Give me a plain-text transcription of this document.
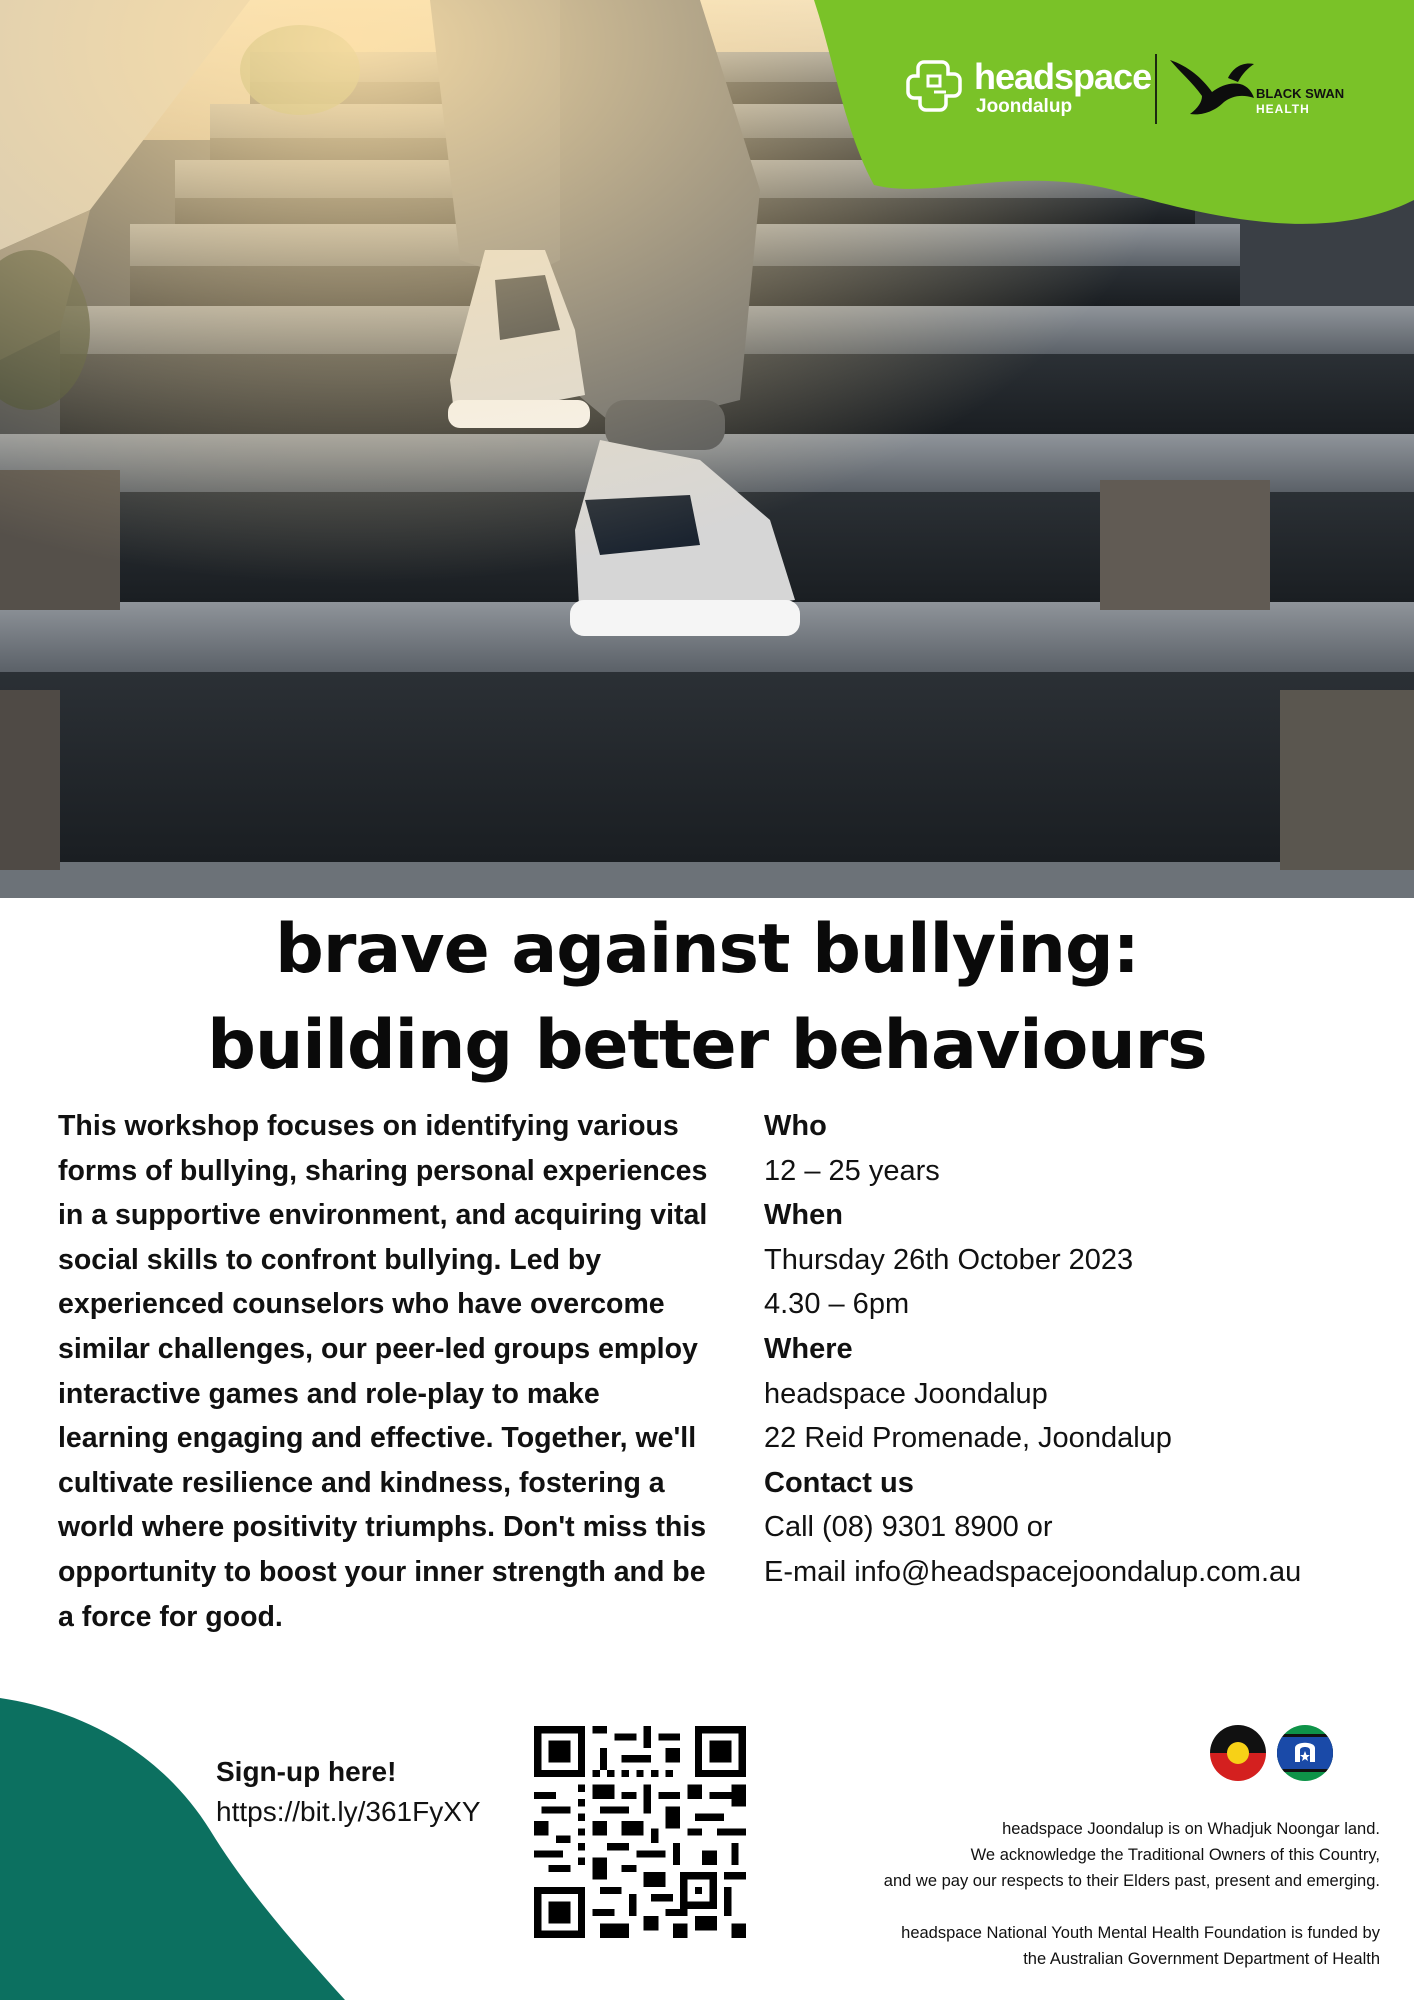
headspace
Joondalup
BLACK SWAN
HEALTH
brave against bullying:
building better behaviours

This workshop focuses on identifying various forms of bullying, sharing personal experiences in a supportive environment, and acquiring vital social skills to confront bullying. Led by experienced counselors who have overcome similar challenges, our peer-led groups employ interactive games and role-play to make learning engaging and effective. Together, we'll cultivate resilience and kindness, fostering a world where positivity triumphs. Don't miss this opportunity to boost your inner strength and be a force for good.

Who
12 – 25 years
When
Thursday 26th October 2023
4.30 – 6pm
Where
headspace Joondalup
22 Reid Promenade, Joondalup
Contact us
Call (08) 9301 8900 or
E-mail info@headspacejoondalup.com.au
Sign-up here!
https://bit.ly/361FyXY
headspace Joondalup is on Whadjuk Noongar land.
We acknowledge the Traditional Owners of this Country,
and we pay our respects to their Elders past, present and emerging.
headspace National Youth Mental Health Foundation is funded by
the Australian Government Department of Health
